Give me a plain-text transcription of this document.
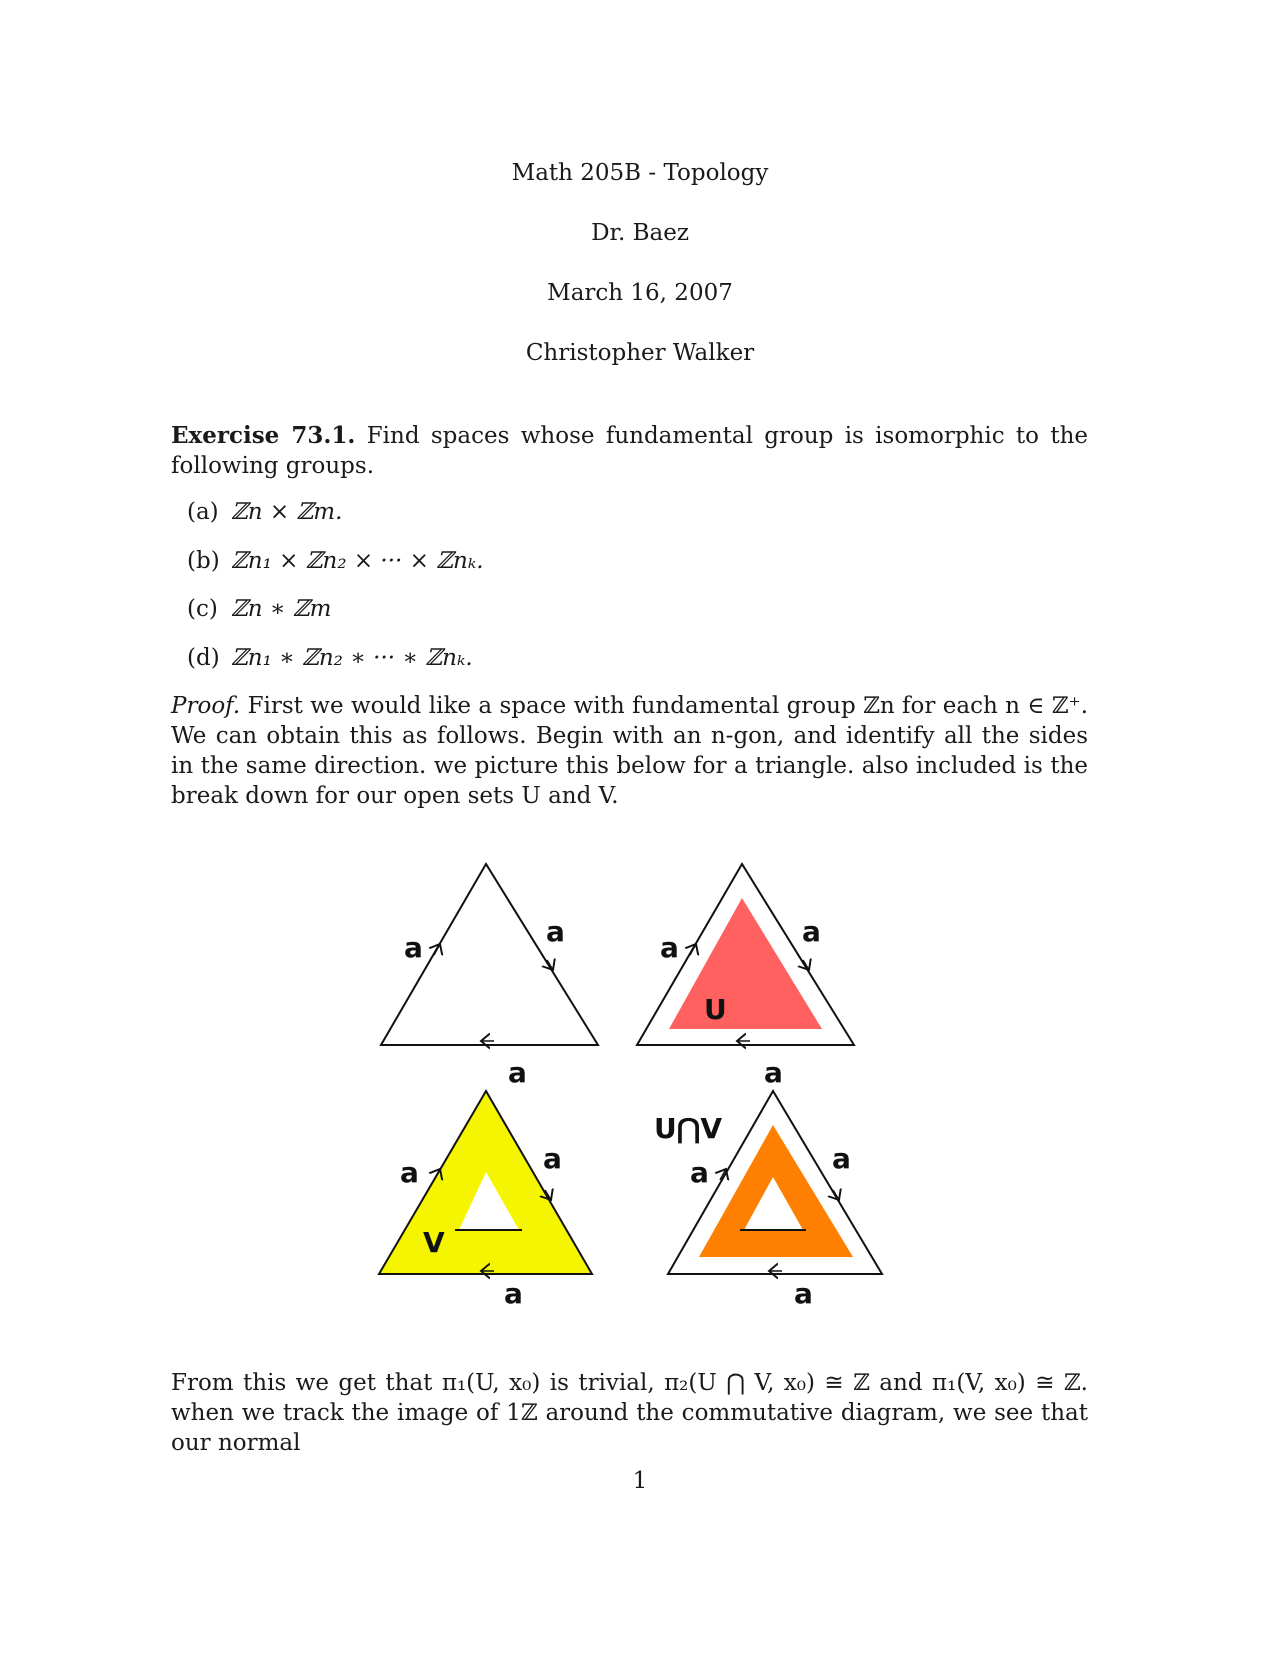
Math 205B - Topology
Dr. Baez
March 16, 2007
Christopher Walker
Exercise 73.1. Find spaces whose fundamental group is isomorphic to the following groups.
(a) ℤn × ℤm.
(b) ℤn₁ × ℤn₂ × ··· × ℤnₖ.
(c) ℤn ∗ ℤm
(d) ℤn₁ ∗ ℤn₂ ∗ ··· ∗ ℤnₖ.
Proof. First we would like a space with fundamental group ℤn for each n ∈ ℤ⁺. We can obtain this as follows. Begin with an n-gon, and identify all the sides in the same direction. we picture this below for a triangle. also included is the break down for our open sets U and V.
a	a
a
a	a
a
U
a	a
a
V
a	a
a
U⋂V
From this we get that π₁(U, x₀) is trivial, π₂(U ⋂ V, x₀) ≅ ℤ and π₁(V, x₀) ≅ ℤ. when we track the image of 1ℤ around the commutative diagram, we see that our normal
1
